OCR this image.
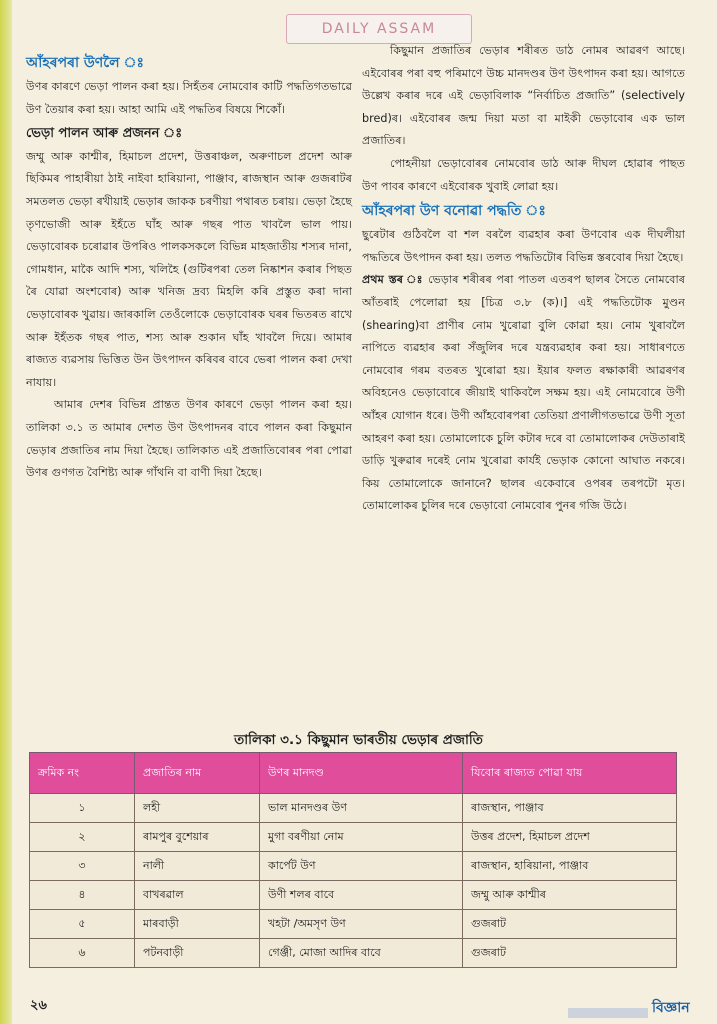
DAILY ASSAM
আঁহৰপৰা উণলৈ ঃ

উণৰ কাৰণে ভেড়া পালন কৰা হয়। সিহঁতৰ নোমবোৰ কাটি পদ্ধতিগতভাৱে উণ তৈয়াৰ কৰা হয়। আহা আমি এই পদ্ধতিৰ বিষয়ে শিকোঁ।

ভেড়া পালন আৰু প্ৰজনন ঃ

জম্মু আৰু কাশ্মীৰ, হিমাচল প্ৰদেশ, উত্তৰাঞ্চল, অৰুণাচল প্ৰদেশ আৰু ছিকিমৰ পাহাৰীয়া ঠাই নাইবা হাৰিয়ানা, পাঞ্জাব, ৰাজস্থান আৰু গুজৰাটৰ সমতলত ভেড়া ৰখীয়াই ভেড়াৰ জাকক চৰণীয়া পথাৰত চৰায়। ভেড়া হৈছে তৃণভোজী আৰু ইহঁতে ঘাঁহ আৰু গছৰ পাত খাবলৈ ভাল পায়। ভেড়াবোৰক চৰোৱাৰ উপৰিও পালকসকলে বিভিন্ন মাহজাতীয় শস্যৰ দানা, গোমধান, মাকৈ আদি শস্য, খলিহৈ (গুটিৰপৰা তেল নিষ্কাশন কৰাৰ পিছত ৰৈ যোৱা অংশবোৰ) আৰু খনিজ দ্ৰব্য মিহলি কৰি প্ৰস্তুত কৰা দানা ভেড়াবোৰক খুৱায়। জাৰকালি তেওঁলোকে ভেড়াবোৰক ঘৰৰ ভিতৰত ৰাখে আৰু ইহঁতক গছৰ পাত, শস্য আৰু শুকান ঘাঁহ খাবলৈ দিয়ে। আমাৰ ৰাজ্যত ব্যৱসায় ভিত্তিত উন উৎপাদন কৰিবৰ বাবে ভেৰা পালন কৰা দেখা নাযায়।

আমাৰ দেশৰ বিভিন্ন প্ৰান্তত উণৰ কাৰণে ভেড়া পালন কৰা হয়। তালিকা ৩.১ ত আমাৰ দেশত উণ উৎপাদনৰ বাবে পালন কৰা কিছুমান ভেড়াৰ প্ৰজাতিৰ নাম দিয়া হৈছে। তালিকাত এই প্ৰজাতিবোৰৰ পৰা পোৱা উণৰ গুণগত বৈশিষ্ট্য আৰু গাঁথনি বা বাণী দিয়া হৈছে।

কিছুমান প্ৰজাতিৰ ভেড়াৰ শৰীৰত ডাঠ নোমৰ আৱৰণ আছে। এইবোৰৰ পৰা বহু পৰিমাণে উচ্চ মানদণ্ডৰ উণ উৎপাদন কৰা হয়। আগতে উল্লেখ কৰাৰ দৰে এই ভেড়াবিলাক “নিৰ্বাচিত প্ৰজাতি” (selectively bred)ৰ। এইবোৰৰ জন্ম দিয়া মতা বা মাইকী ভেড়াবোৰ এক ভাল প্ৰজাতিৰ।

পোহনীয়া ভেড়াবোৰৰ নোমবোৰ ডাঠ আৰু দীঘল হোৱাৰ পাছত উণ পাবৰ কাৰণে এইবোৰক খুবাই লোৱা হয়।

আঁহৰপৰা উণ বনোৱা পদ্ধতি ঃ

ছুৰেটাৰ গুঠিবলৈ বা শল বৰলৈ ব্যৱহাৰ কৰা উণবোৰ এক দীঘলীয়া পদ্ধতিৰে উৎপাদন কৰা হয়। তলত পদ্ধতিটোৰ বিভিন্ন স্তৰবোৰ দিয়া হৈছে।

প্ৰথম স্তৰ ঃ ভেড়াৰ শৰীৰৰ পৰা পাতল এতৰপ ছালৰ সৈতে নোমবোৰ আঁতৰাই পেলোৱা হয় [চিত্ৰ ৩.৮ (ক)।] এই পদ্ধতিটোক মুণ্ডন (shearing)বা প্ৰাণীৰ নোম খুৰোৱা বুলি কোৱা হয়। নোম খুৰাবলৈ নাপিতে ব্যৱহাৰ কৰা সঁজুলিৰ দৰে যন্ত্ৰব্যৱহাৰ কৰা হয়। সাধাৰণতে নোমবোৰ গৰম বতৰত খুৰোৱা হয়। ইয়াৰ ফলত ৰক্ষাকাৰী আৱৰণৰ অবিহনেও ভেড়াবোৰে জীয়াই থাকিবলৈ সক্ষম হয়। এই নোমবোৰে উণী আঁহৰ যোগান ধৰে। উণী আঁহবোৰপৰা তেতিয়া প্ৰণালীগতভাৱে উণী সূতা আহৰণ কৰা হয়। তোমালোকে চুলি কটাৰ দৰে বা তোমালোকৰ দেউতাৰাই ডাড়ি খুৰুৱাৰ দৰেই নোম খুৰোৱা কাৰ্যই ভেড়াক কোনো আঘাত নকৰে। কিয় তোমালোকে জানানে? ছালৰ একেবাৰে ওপৰৰ তৰপটো মৃত। তোমালোকৰ চুলিৰ দৰে ভেড়াবো নোমবোৰ পুনৰ গজি উঠে।

তালিকা ৩.১ কিছুমান ভাৰতীয় ভেড়াৰ প্ৰজাতি
ক্ৰমিক নং	প্ৰজাতিৰ নাম	উণৰ মানদণ্ড	যিবোৰ ৰাজ্যত পোৱা যায়
১	লহী	ভাল মানদণ্ডৰ উণ	ৰাজস্থান, পাঞ্জাব
২	ৰামপুৰ বুশেয়াৰ	মুগা বৰণীয়া নোম	উত্তৰ প্ৰদেশ, হিমাচল প্ৰদেশ
৩	নালী	কাৰ্পেট উণ	ৰাজস্থান, হাৰিয়ানা, পাঞ্জাব
৪	বাখৰৱাল	উণী শলৰ বাবে	জম্মু আৰু কাশ্মীৰ
৫	মাৰবাড়ী	খহটা /অমসৃণ উণ	গুজৰাট
৬	পটনবাড়ী	গেঞ্জী, মোজা আদিৰ বাবে	গুজৰাট
২৬	বিজ্ঞান
